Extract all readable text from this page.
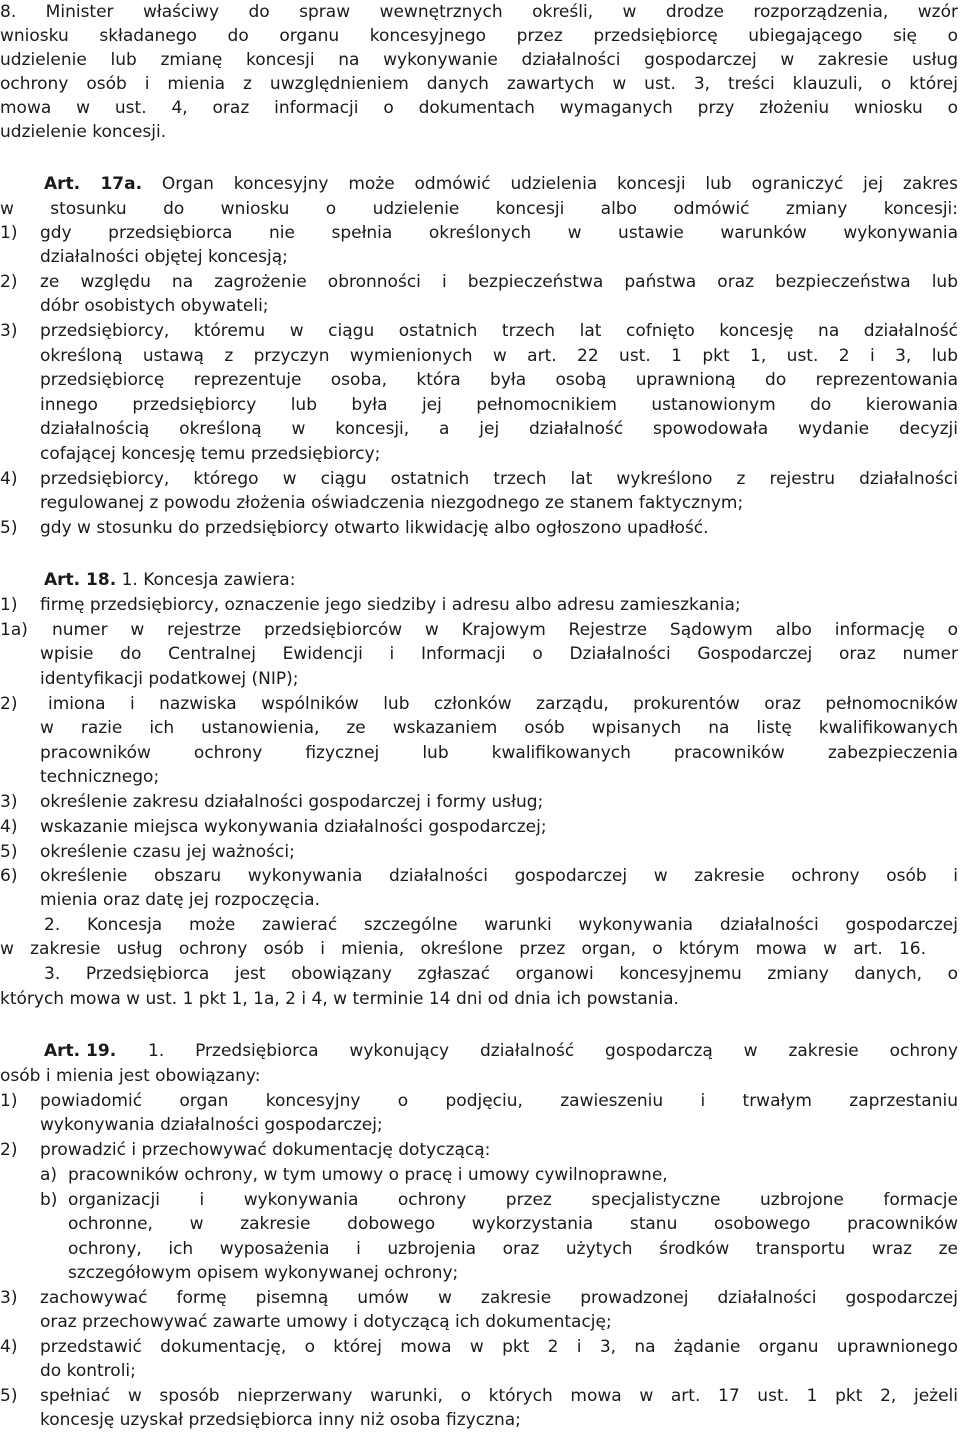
8. Minister właściwy do spraw wewnętrznych określi, w drodze rozporządzenia, wzór
wniosku składanego do organu koncesyjnego przez przedsiębiorcę ubiegającego się o
udzielenie lub zmianę koncesji na wykonywanie działalności gospodarczej w zakresie usług
ochrony osób i mienia z uwzględnieniem danych zawartych w ust. 3, treści klauzuli, o której
mowa w ust. 4, oraz informacji o dokumentach wymaganych przy złożeniu wniosku o
udzielenie koncesji.
Art. 17a. Organ koncesyjny może odmówić udzielenia koncesji lub ograniczyć jej zakres
w stosunku do wniosku o udzielenie koncesji albo odmówić zmiany koncesji:
1) gdy przedsiębiorca nie spełnia określonych w ustawie warunków wykonywania
działalności objętej koncesją;
2) ze względu na zagrożenie obronności i bezpieczeństwa państwa oraz bezpieczeństwa lub
dóbr osobistych obywateli;
3) przedsiębiorcy, któremu w ciągu ostatnich trzech lat cofnięto koncesję na działalność
określoną ustawą z przyczyn wymienionych w art. 22 ust. 1 pkt 1, ust. 2 i 3, lub
przedsiębiorcę reprezentuje osoba, która była osobą uprawnioną do reprezentowania
innego przedsiębiorcy lub była jej pełnomocnikiem ustanowionym do kierowania
działalnością określoną w koncesji, a jej działalność spowodowała wydanie decyzji
cofającej koncesję temu przedsiębiorcy;
4) przedsiębiorcy, którego w ciągu ostatnich trzech lat wykreślono z rejestru działalności
regulowanej z powodu złożenia oświadczenia niezgodnego ze stanem faktycznym;
5) gdy w stosunku do przedsiębiorcy otwarto likwidację albo ogłoszono upadłość.
Art. 18. 1. Koncesja zawiera:
1) firmę przedsiębiorcy, oznaczenie jego siedziby i adresu albo adresu zamieszkania;
1a) numer w rejestrze przedsiębiorców w Krajowym Rejestrze Sądowym albo informację o
wpisie do Centralnej Ewidencji i Informacji o Działalności Gospodarczej oraz numer
identyfikacji podatkowej (NIP);
2) imiona i nazwiska wspólników lub członków zarządu, prokurentów oraz pełnomocników
w razie ich ustanowienia, ze wskazaniem osób wpisanych na listę kwalifikowanych
pracowników ochrony fizycznej lub kwalifikowanych pracowników zabezpieczenia
technicznego;
3) określenie zakresu działalności gospodarczej i formy usług;
4) wskazanie miejsca wykonywania działalności gospodarczej;
5) określenie czasu jej ważności;
6) określenie obszaru wykonywania działalności gospodarczej w zakresie ochrony osób i
mienia oraz datę jej rozpoczęcia.
2. Koncesja może zawierać szczególne warunki wykonywania działalności gospodarczej
w zakresie usług ochrony osób i mienia, określone przez organ, o którym mowa w art. 16.
3. Przedsiębiorca jest obowiązany zgłaszać organowi koncesyjnemu zmiany danych, o
których mowa w ust. 1 pkt 1, 1a, 2 i 4, w terminie 14 dni od dnia ich powstania.
Art. 19.	1. Przedsiębiorca wykonujący działalność gospodarczą w zakresie ochrony
osób i mienia jest obowiązany:
1) powiadomić organ koncesyjny o podjęciu, zawieszeniu i trwałym zaprzestaniu
wykonywania działalności gospodarczej;
2) prowadzić i przechowywać dokumentację dotyczącą:
a) pracowników ochrony, w tym umowy o pracę i umowy cywilnoprawne,
b) organizacji i wykonywania ochrony przez specjalistyczne uzbrojone formacje
ochronne, w zakresie dobowego wykorzystania stanu osobowego pracowników
ochrony, ich wyposażenia i uzbrojenia oraz użytych środków transportu wraz ze
szczegółowym opisem wykonywanej ochrony;
3) zachowywać formę pisemną umów w zakresie prowadzonej działalności gospodarczej
oraz przechowywać zawarte umowy i dotyczącą ich dokumentację;
4) przedstawić dokumentację, o której mowa w pkt 2 i 3, na żądanie organu uprawnionego
do kontroli;
5) spełniać w sposób nieprzerwany warunki, o których mowa w art. 17 ust. 1 pkt 2, jeżeli
koncesję uzyskał przedsiębiorca inny niż osoba fizyczna;
